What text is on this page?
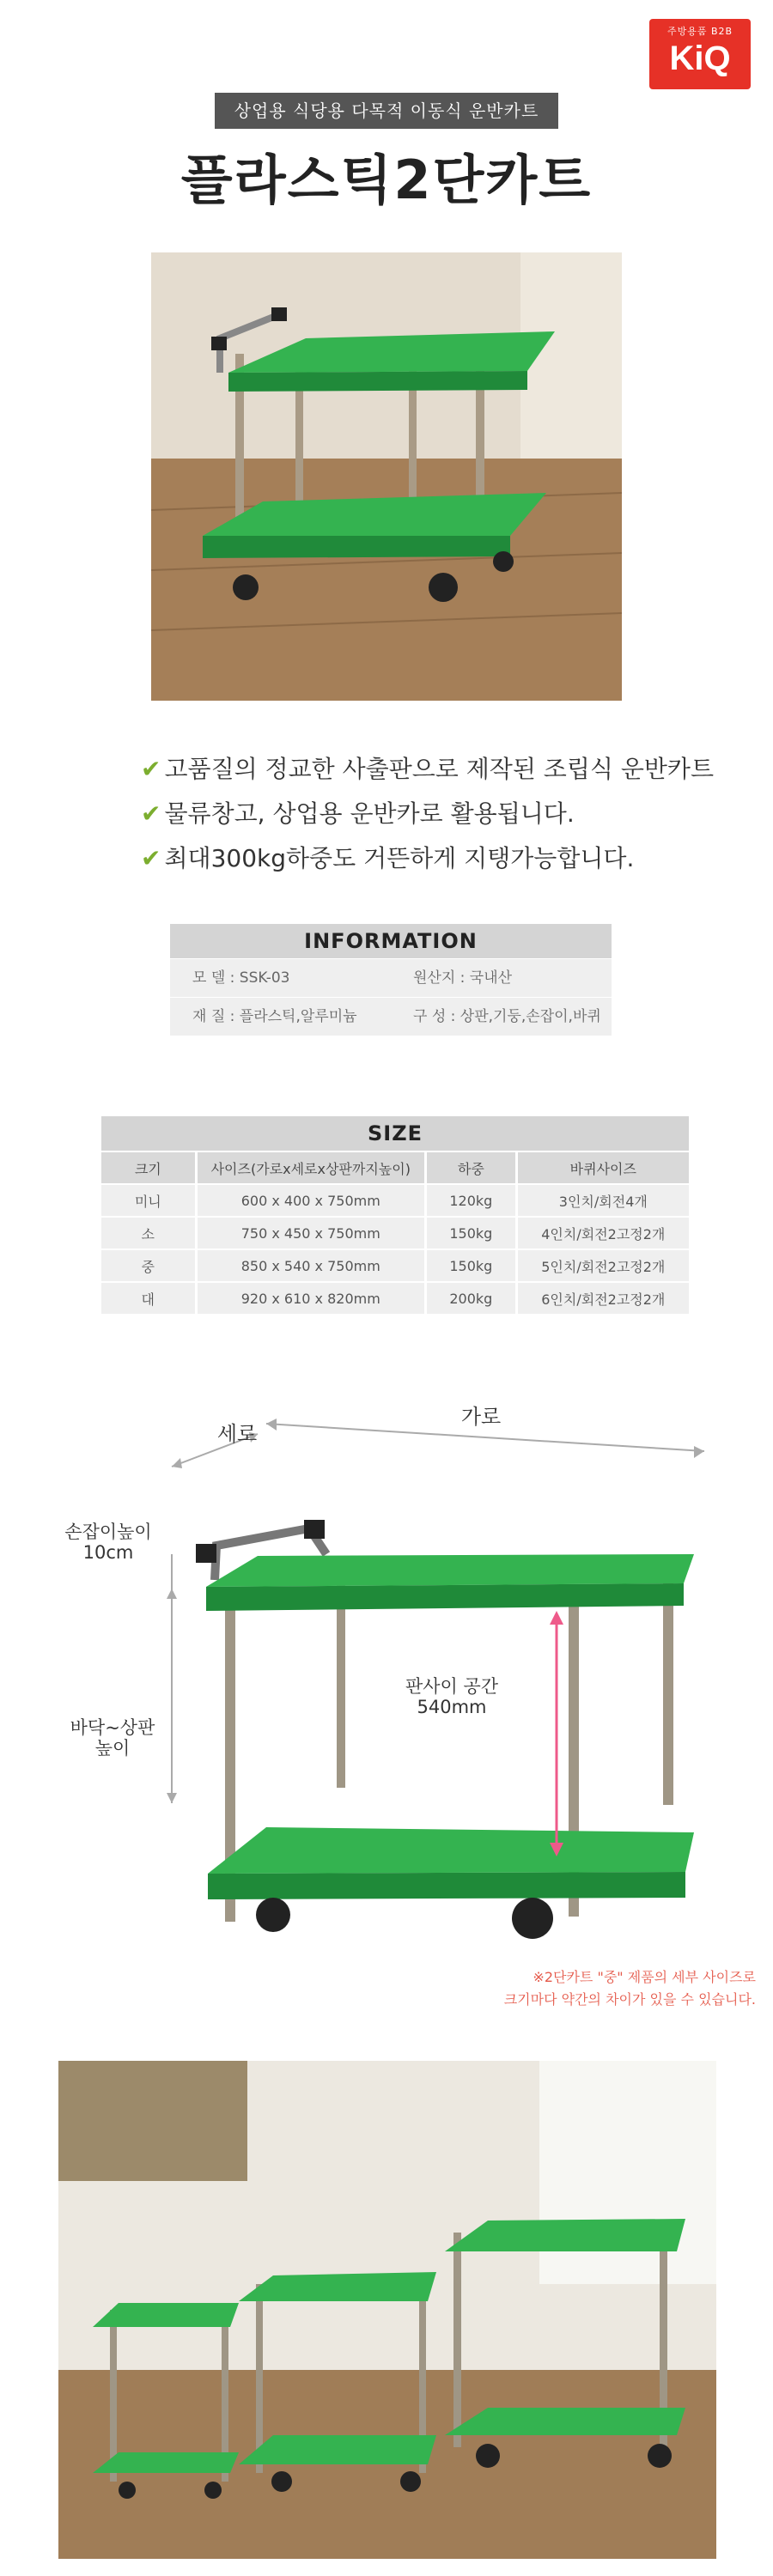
주방용품 B2B
KiQ
상업용 식당용 다목적 이동식 운반카트
플라스틱2단카트
✔ 고품질의 정교한 사출판으로 제작된 조립식 운반카트
✔ 물류창고, 상업용 운반카로 활용됩니다.
✔ 최대300kg하중도 거뜬하게 지탱가능합니다.
INFORMATION
모 델 : SSK-03	원산지 : 국내산
재 질 : 플라스틱,알루미늄	구 성 : 상판,기둥,손잡이,바퀴
SIZE
크기	사이즈(가로x세로x상판까지높이)	하중	바퀴사이즈
미니	600 x 400 x 750mm	120kg	3인치/회전4개
소	750 x 450 x 750mm	150kg	4인치/회전2고정2개
중	850 x 540 x 750mm	150kg	5인치/회전2고정2개
대	920 x 610 x 820mm	200kg	6인치/회전2고정2개
세로
가로
손잡이높이
10cm
바닥~상판
높이
판사이 공간
540mm
※2단카트 "중" 제품의 세부 사이즈로
크기마다 약간의 차이가 있을 수 있습니다.
